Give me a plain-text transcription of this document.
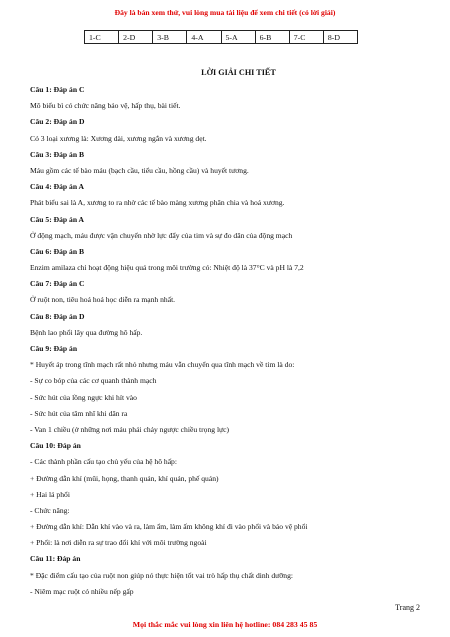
Đây là bản xem thử, vui lòng mua tài liệu để xem chi tiết (có lời giải)
1-C	2-D	3-B	4-A	5-A	6-B	7-C	8-D
LỜI GIẢI CHI TIẾT
Câu 1: Đáp án C
Mô biểu bì có chức năng bảo vệ, hấp thụ, bài tiết.
Câu 2: Đáp án D
Có 3 loại xương là: Xương dài, xương ngắn và xương dẹt.
Câu 3: Đáp án B
Máu gồm các tế bào máu (bạch cầu, tiểu cầu, hồng cầu) và huyết tương.
Câu 4: Đáp án A
Phát biểu sai là A, xương to ra nhờ các tế bào màng xương phân chia và hoá xương.
Câu 5: Đáp án A
Ở động mạch, máu được vận chuyển nhờ lực đẩy của tim và sự đo dãn của động mạch
Câu 6: Đáp án B
Enzim amilaza chỉ hoạt động hiệu quả trong môi trường có: Nhiệt độ là 37°C và pH là 7,2
Câu 7: Đáp án C
Ở ruột non, tiêu hoá hoá học diễn ra mạnh nhất.
Câu 8: Đáp án D
Bệnh lao phổi lây qua đường hô hấp.
Câu 9: Đáp án
* Huyết áp trong tĩnh mạch rất nhỏ nhưng máu vẫn chuyển qua tĩnh mạch về tim là do:
- Sự co bóp của các cơ quanh thành mạch
- Sức hút của lồng ngực khi hít vào
- Sức hút của tâm nhĩ khi dãn ra
- Van 1 chiều (ở những nơi máu phải chảy ngược chiều trọng lực)
Câu 10: Đáp án
- Các thành phần cấu tạo chủ yếu của hệ hô hấp:
+ Đường dẫn khí (mũi, họng, thanh quản, khí quản, phế quản)
+ Hai lá phổi
- Chức năng:
+ Đường dẫn khí: Dẫn khí vào và ra, làm ẩm, làm ấm không khí đi vào phổi và bảo vệ phổi
+ Phổi: là nơi diễn ra sự trao đổi khí với môi trường ngoài
Câu 11: Đáp án
* Đặc điểm cấu tạo của ruột non giúp nó thực hiện tốt vai trò hấp thụ chất dinh dưỡng:
- Niêm mạc ruột có nhiều nếp gấp
Trang 2
Mọi thắc mắc vui lòng xin liên hệ hotline: 084 283 45 85
